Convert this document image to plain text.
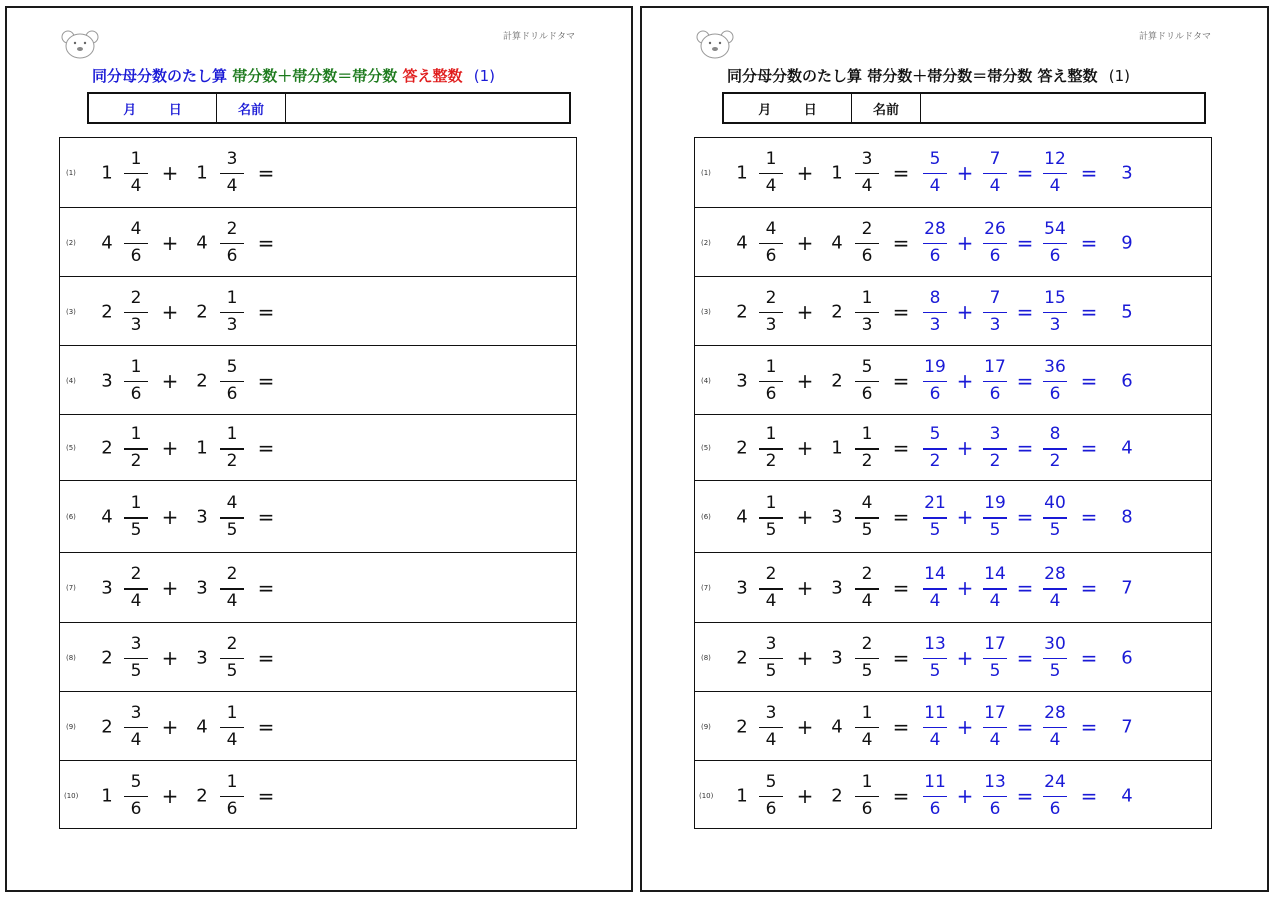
計算ドリルドタマ
同分母分数のたし算 帯分数＋帯分数＝帯分数 答え整数 (1)
月 日	名前
(1) 1
1
4
+ 1
3
4
=
(2) 4
4
6
+ 4
2
6
=
(3) 2
2
3
+ 2
1
3
=
(4) 3
1
6
+ 2
5
6
=
(5) 2
1
2
+ 1
1
2
=
(6) 4
1
5
+ 3
4
5
=
(7) 3
2
4
+ 3
2
4
=
(8) 2
3
5
+ 3
2
5
=
(9) 2
3
4
+ 4
1
4
=
(10) 1
5
6
+ 2
1
6
=
計算ドリルドタマ
同分母分数のたし算 帯分数＋帯分数＝帯分数 答え整数 (1)
月 日	名前
(1) 1
1
4
+ 1
3
4
=
5
4
+
7
4
=
12
4
= 3
(2) 4
4
6
+ 4
2
6
=
28
6
+
26
6
=
54
6
= 9
(3) 2
2
3
+ 2
1
3
=
8
3
+
7
3
=
15
3
= 5
(4) 3
1
6
+ 2
5
6
=
19
6
+
17
6
=
36
6
= 6
(5) 2
1
2
+ 1
1
2
=
5
2
+
3
2
=
8
2
= 4
(6) 4
1
5
+ 3
4
5
=
21
5
+
19
5
=
40
5
= 8
(7) 3
2
4
+ 3
2
4
=
14
4
+
14
4
=
28
4
= 7
(8) 2
3
5
+ 3
2
5
=
13
5
+
17
5
=
30
5
= 6
(9) 2
3
4
+ 4
1
4
=
11
4
+
17
4
=
28
4
= 7
(10) 1
5
6
+ 2
1
6
=
11
6
+
13
6
=
24
6
= 4
